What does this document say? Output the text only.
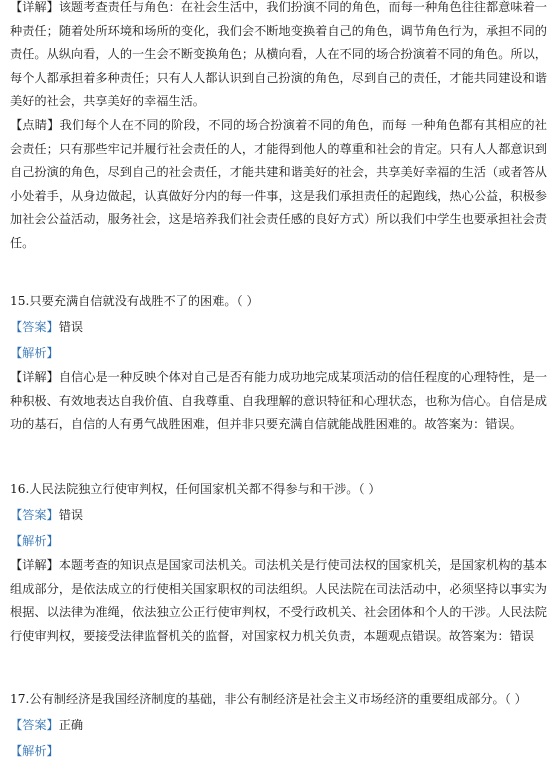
【详解】该题考查责任与角色：在社会生活中，我们扮演不同的角色，而每一种角色往往都意味着一种责任；随着处所环境和场所的变化，我们会不断地变换着自己的角色，调节角色行为，承担不同的责任。从纵向看，人的一生会不断变换角色；从横向看，人在不同的场合扮演着不同的角色。所以，每个人都承担着多种责任；只有人人都认识到自己扮演的角色，尽到自己的责任，才能共同建设和谐美好的社会，共享美好的幸福生活。

【点睛】我们每个人在不同的阶段，不同的场合扮演着不同的角色，而每 一种角色都有其相应的社会责任；只有那些牢记并履行社会责任的人，才能得到他人的尊重和社会的肯定。只有人人都意识到自己扮演的角色，尽到自己的社会责任，才能共建和谐美好的社会，共享美好幸福的生活（或者答从小处着手，从身边做起，认真做好分内的每一件事，这是我们承担责任的起跑线，热心公益，积极参加社会公益活动，服务社会，这是培养我们社会责任感的良好方式）所以我们中学生也要承担社会责任。

15.只要充满自信就没有战胜不了的困难。（ ）

【答案】错误

【解析】

【详解】自信心是一种反映个体对自己是否有能力成功地完成某项活动的信任程度的心理特性，是一种积极、有效地表达自我价值、自我尊重、自我理解的意识特征和心理状态，也称为信心。自信是成功的基石，自信的人有勇气战胜困难，但并非只要充满自信就能战胜困难的。故答案为：错误。

16.人民法院独立行使审判权，任何国家机关都不得参与和干涉。（ ）

【答案】错误

【解析】

【详解】本题考查的知识点是国家司法机关。司法机关是行使司法权的国家机关，是国家机构的基本组成部分，是依法成立的行使相关国家职权的司法组织。人民法院在司法活动中，必须坚持以事实为根据、以法律为准绳，依法独立公正行使审判权，不受行政机关、社会团体和个人的干涉。人民法院行使审判权，要接受法律监督机关的监督，对国家权力机关负责，本题观点错误。故答案为：错误

17.公有制经济是我国经济制度的基础，非公有制经济是社会主义市场经济的重要组成部分。（ ）

【答案】正确

【解析】
